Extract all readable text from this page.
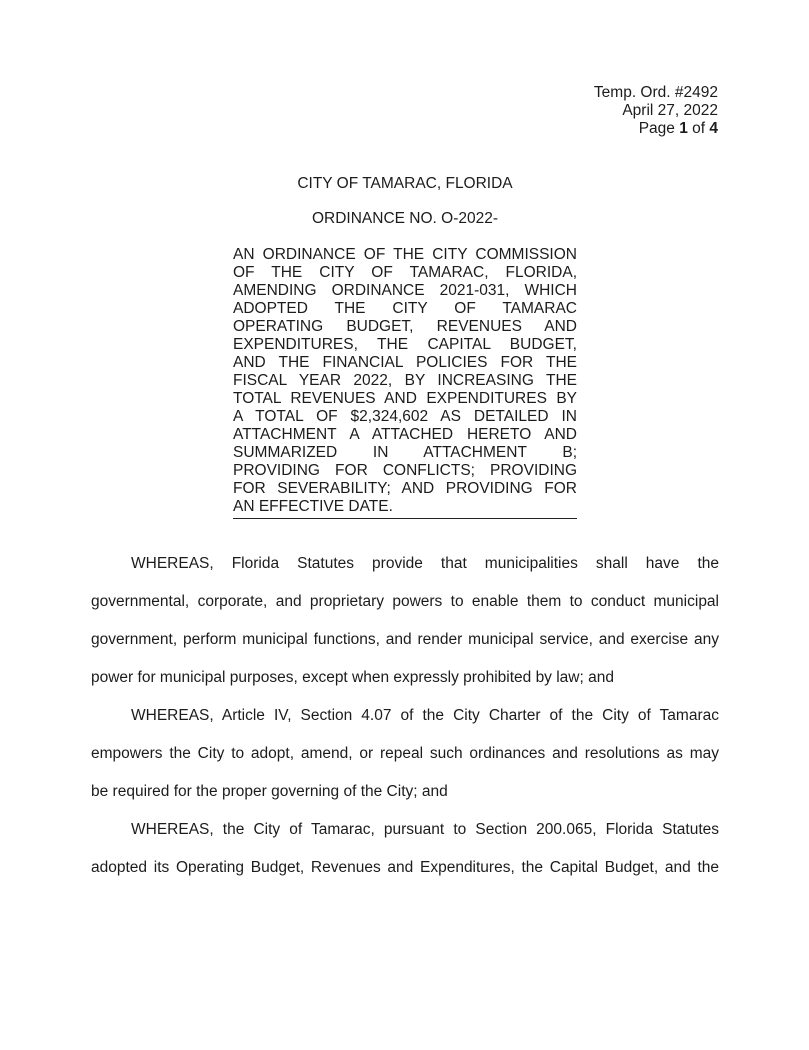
Temp. Ord. #2492
April 27, 2022
Page 1 of 4
CITY OF TAMARAC, FLORIDA
ORDINANCE NO. O-2022-
AN ORDINANCE OF THE CITY COMMISSION
OF THE CITY OF TAMARAC, FLORIDA,
AMENDING ORDINANCE 2021-031, WHICH
ADOPTED THE CITY OF TAMARAC
OPERATING BUDGET, REVENUES AND
EXPENDITURES, THE CAPITAL BUDGET,
AND THE FINANCIAL POLICIES FOR THE
FISCAL YEAR 2022, BY INCREASING THE
TOTAL REVENUES AND EXPENDITURES BY
A TOTAL OF $2,324,602 AS DETAILED IN
ATTACHMENT A ATTACHED HERETO AND
SUMMARIZED IN ATTACHMENT B;
PROVIDING FOR CONFLICTS; PROVIDING
FOR SEVERABILITY; AND PROVIDING FOR
AN EFFECTIVE DATE.
WHEREAS, Florida Statutes provide that municipalities shall have the
governmental, corporate, and proprietary powers to enable them to conduct municipal
government, perform municipal functions, and render municipal service, and exercise any
power for municipal purposes, except when expressly prohibited by law; and
WHEREAS, Article IV, Section 4.07 of the City Charter of the City of Tamarac
empowers the City to adopt, amend, or repeal such ordinances and resolutions as may
be required for the proper governing of the City; and
WHEREAS, the City of Tamarac, pursuant to Section 200.065, Florida Statutes
adopted its Operating Budget, Revenues and Expenditures, the Capital Budget, and the
